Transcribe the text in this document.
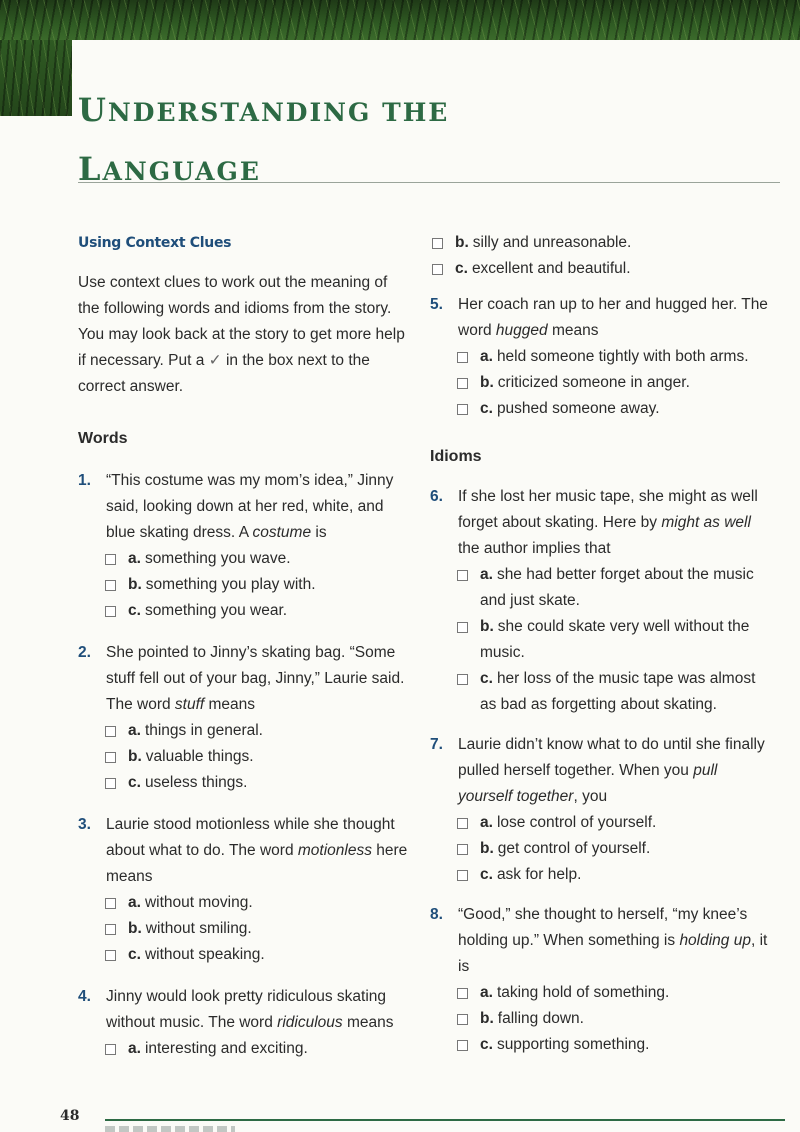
UNDERSTANDING THE
LANGUAGE

Using Context Clues

Use context clues to work out the meaning of the following words and idioms from the story. You may look back at the story to get more help if necessary. Put a ✓ in the box next to the correct answer.

Words

1. “This costume was my mom’s idea,” Jinny said, looking down at her red, white, and blue skating dress. A costume is
a. something you wave.
b. something you play with.
c. something you wear.
2. She pointed to Jinny’s skating bag. “Some stuff fell out of your bag, Jinny,” Laurie said. The word stuff means
a. things in general.
b. valuable things.
c. useless things.
3. Laurie stood motionless while she thought about what to do. The word motionless here means
a. without moving.
b. without smiling.
c. without speaking.
4. Jinny would look pretty ridiculous skating without music. The word ridiculous means
a. interesting and exciting.
b. silly and unreasonable.
c. excellent and beautiful.
5. Her coach ran up to her and hugged her. The word hugged means
a. held someone tightly with both arms.
b. criticized someone in anger.
c. pushed someone away.

Idioms

6. If she lost her music tape, she might as well forget about skating. Here by might as well the author implies that
a. she had better forget about the music and just skate.
b. she could skate very well without the music.
c. her loss of the music tape was almost as bad as forgetting about skating.
7. Laurie didn’t know what to do until she finally pulled herself together. When you pull yourself together, you
a. lose control of yourself.
b. get control of yourself.
c. ask for help.
8. “Good,” she thought to herself, “my knee’s holding up.” When something is holding up, it is
a. taking hold of something.
b. falling down.
c. supporting something.
48
